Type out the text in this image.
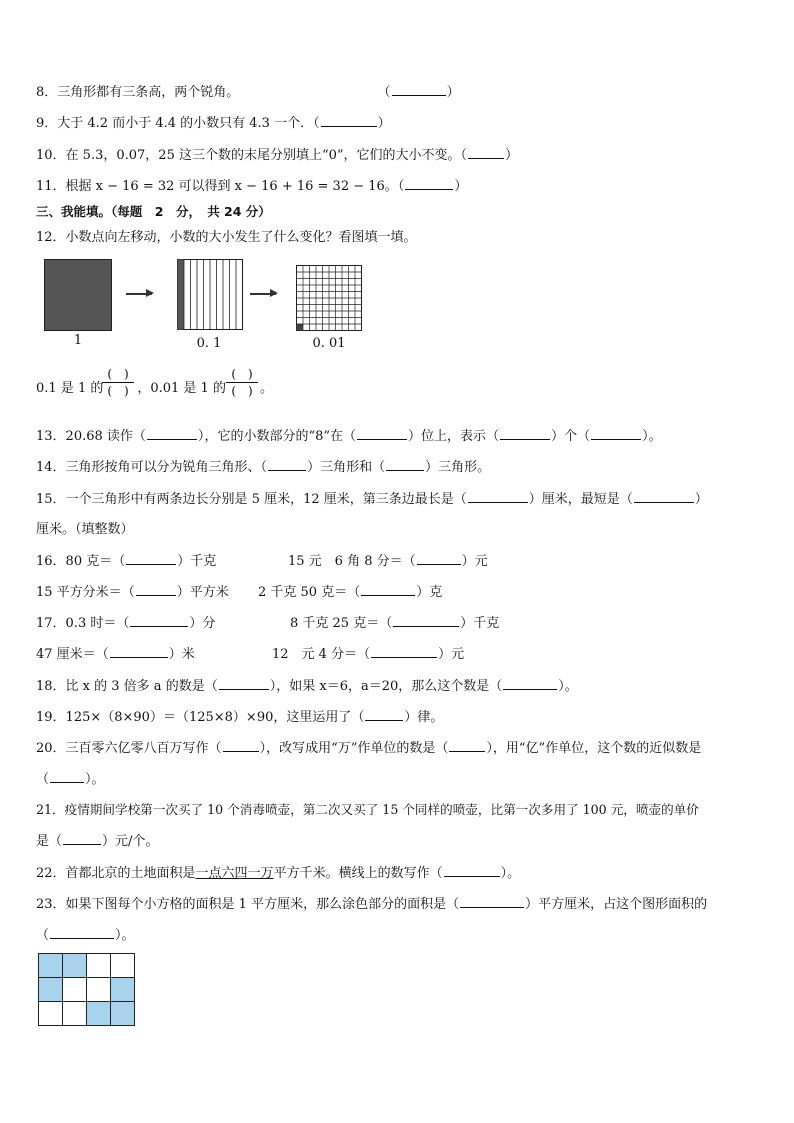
8．三角形都有三条高，两个锐角。	（	）
9．大于 4.2 而小于 4.4 的小数只有 4.3 一个．（	）
10．在 5.3，0.07，25 这三个数的末尾分别填上“0”，它们的大小不变。（	）
11．根据 x − 16 = 32 可以得到 x − 16 + 16 = 32 − 16。（	）
三、我能填。（每题　2　分，　共 24 分）
12．小数点向左移动，小数的大小发生了什么变化？看图填一填。
1	0. 1	0. 01
0.1 是 1 的	，0.01 是 1 的	。
(　)
(　)
(　)
(　)
13．20.68 读作（	），它的小数部分的“8”在（	）位上，表示（	）个（	）。
14．三角形按角可以分为锐角三角形、（	）三角形和（	）三角形。
15．一个三角形中有两条边长分别是 5 厘米，12 厘米，第三条边最长是（	）厘米，最短是（	）
厘米。（填整数）
16．80 克＝（	）千克	15 元　6 角 8 分＝（	）元
15 平方分米＝（	）平方米 2 千克 50 克＝（	）克
17．0.3 时＝（	）分	8 千克 25 克＝（	）千克
47 厘米＝（	）米	12　元 4 分＝（	）元
18．比 x 的 3 倍多 a 的数是（	），如果 x＝6，a＝20，那么这个数是（	）。
19．125×（8×90）＝（125×8）×90，这里运用了（	）律。
20．三百零六亿零八百万写作（	），改写成用“万”作单位的数是（	），用“亿”作单位，这个数的近似数是
（	）。
21．疫情期间学校第一次买了 10 个消毒喷壶，第二次又买了 15 个同样的喷壶，比第一次多用了 100 元，喷壶的单价
是（	）元/个。
22．首都北京的土地面积是一点六四一万平方千米。横线上的数写作（	）。
23．如果下图每个小方格的面积是 1 平方厘米，那么涂色部分的面积是（	）平方厘米，占这个图形面积的
（	）。
